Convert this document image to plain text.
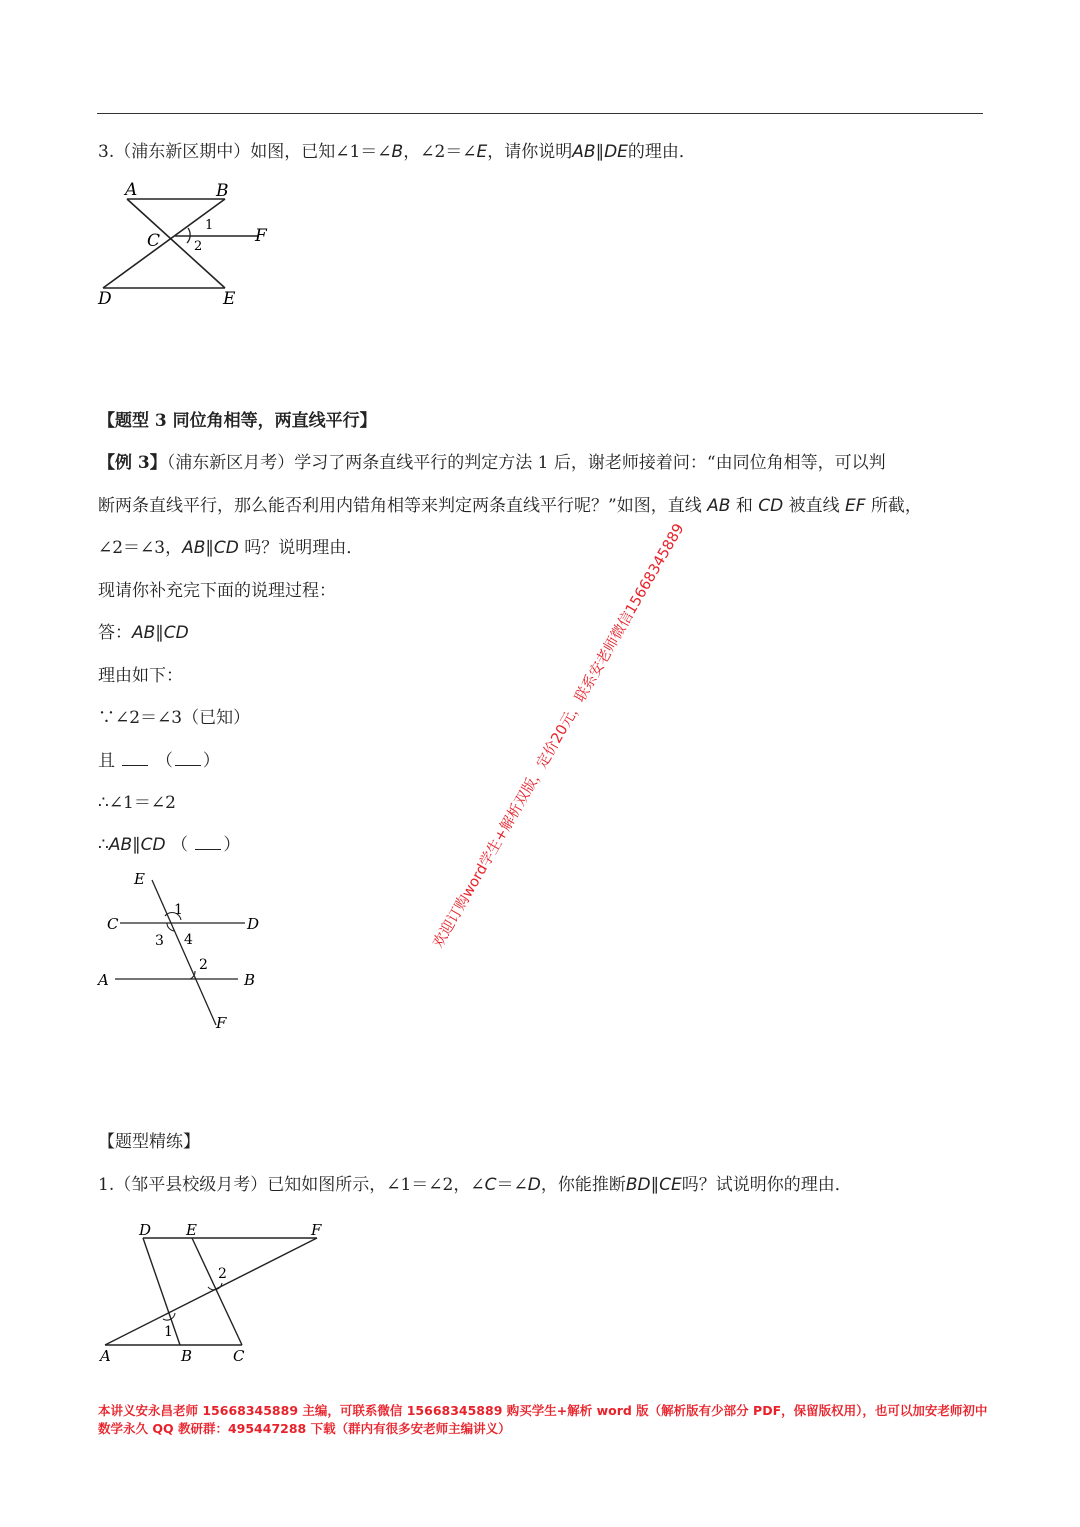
3.（浦东新区期中）如图，已知∠1＝∠B，∠2＝∠E，请你说明AB∥DE的理由．
A	B
C	F
D	E
1
2
【题型 3 同位角相等，两直线平行】
【例 3】（浦东新区月考）学习了两条直线平行的判定方法 1 后，谢老师接着问：“由同位角相等，可以判
断两条直线平行，那么能否利用内错角相等来判定两条直线平行呢？”如图，直线 AB 和 CD 被直线 EF 所截，
∠2＝∠3，AB∥CD 吗？说明理由．
现请你补充完下面的说理过程：
答：AB∥CD
理由如下：
∵∠2＝∠3（已知）
且 （ ）
∴∠1＝∠2
∴AB∥CD （ ）
E
C	D
A	B
F
1
3 4
2
【题型精练】
1.（邹平县校级月考）已知如图所示，∠1＝∠2，∠C＝∠D，你能推断BD∥CE吗？试说明你的理由．
D E	F
A	B	C
1
2
欢迎订购word学生+解析双版，定价20元，联系安老师微信15668345889
本讲义安永昌老师 15668345889 主编，可联系微信 15668345889 购买学生+解析 word 版（解析版有少部分 PDF，保留版权用），也可以加安老师初中数学永久 QQ 教研群：495447288 下载（群内有很多安老师主编讲义）
